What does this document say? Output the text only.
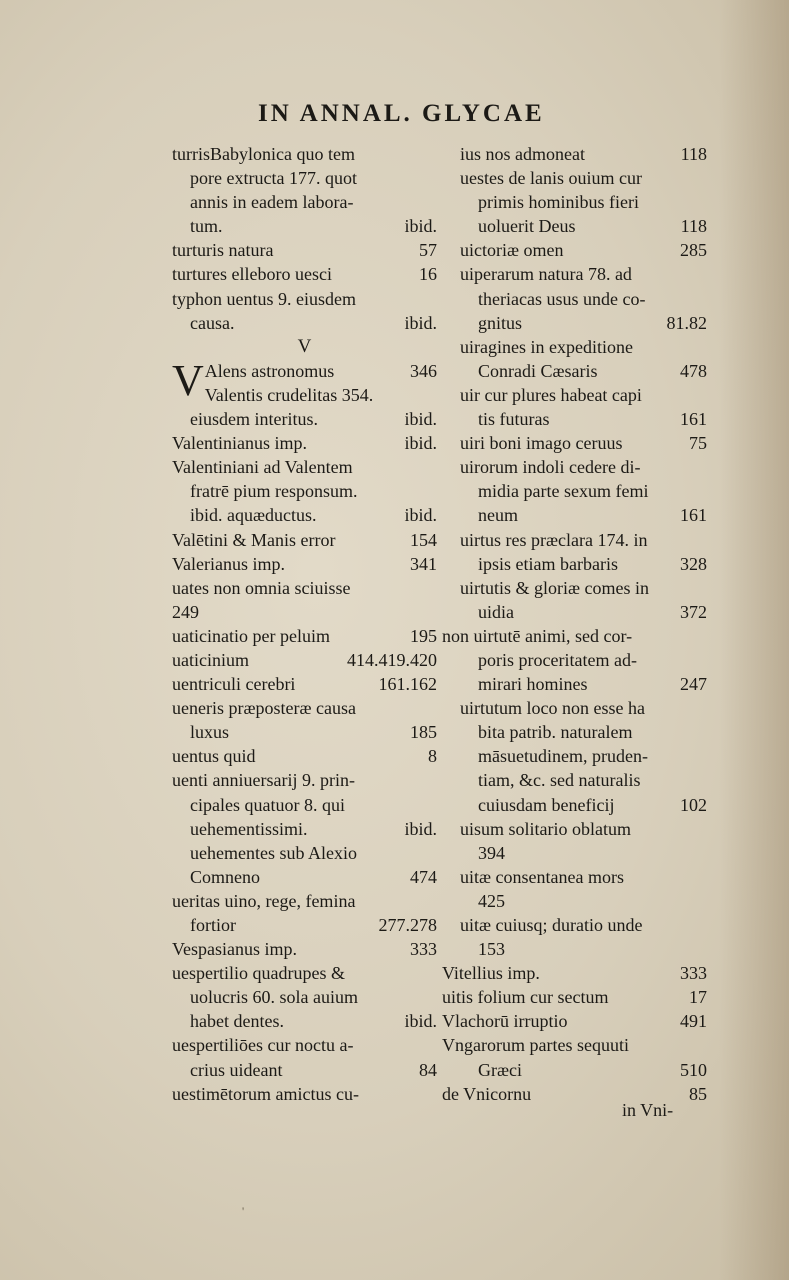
IN ANNAL. GLYCAE
turrisBabylonica quo tem
pore extructa 177. quot
annis in eadem labora-
tum.	ibid.
turturis natura	57
turtures elleboro uesci	16
typhon uentus 9. eiusdem
causa.	ibid.
V
V Alens astronomus	346
Valentis crudelitas 354.
eiusdem interitus.	ibid.
Valentinianus imp.	ibid.
Valentiniani ad Valentem
fratrē pium responsum.
ibid. aquæductus.	ibid.
Valētini & Manis error	154
Valerianus imp.	341
uates non omnia sciuisse
249
uaticinatio per peluim	195
uaticinium	414.419.420
uentriculi cerebri	161.162
ueneris præposteræ causa
luxus	185
uentus quid	8
uenti anniuersarij 9. prin-
cipales quatuor 8. qui
uehementissimi.	ibid.
uehementes sub Alexio
Comneno	474
ueritas uino, rege, femina
fortior	277.278
Vespasianus imp.	333
uespertilio quadrupes &
uolucris 60. sola auium
habet dentes.	ibid.
uespertiliōes cur noctu a-
crius uideant	84
uestimētorum amictus cu-
ius nos admoneat	118
uestes de lanis ouium cur
primis hominibus fieri
uoluerit Deus	118
uictoriæ omen	285
uiperarum natura 78. ad
theriacas usus unde co-
gnitus	81.82
uiragines in expeditione
Conradi Cæsaris	478
uir cur plures habeat capi
tis futuras	161
uiri boni imago ceruus	75
uirorum indoli cedere di-
midia parte sexum femi
neum	161
uirtus res præclara 174. in
ipsis etiam barbaris	328
uirtutis & gloriæ comes in
uidia	372
non uirtutē animi, sed cor-
poris proceritatem ad-
mirari homines	247
uirtutum loco non esse ha
bita patrib. naturalem
māsuetudinem, pruden-
tiam, &c. sed naturalis
cuiusdam beneficij	102
uisum solitario oblatum
394
uitæ consentanea mors
425
uitæ cuiusq; duratio unde
153
Vitellius imp.	333
uitis folium cur sectum	17
Vlachorū irruptio	491
Vngarorum partes sequuti
Græci	510
de Vnicornu	85
in Vni-
'
